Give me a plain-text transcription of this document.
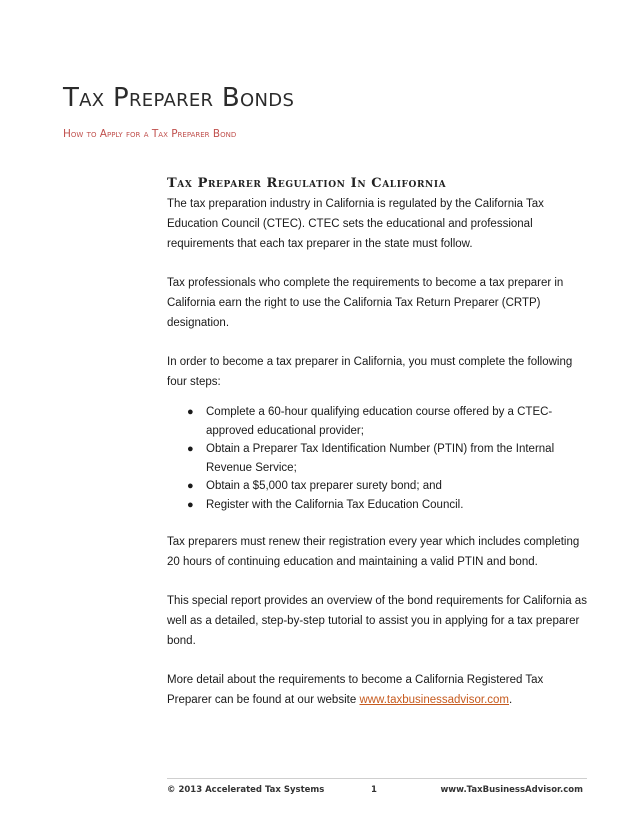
Tax Preparer Bonds
How to Apply for a Tax Preparer Bond
Tax Preparer Regulation In California

The tax preparation industry in California is regulated by the California Tax Education Council (CTEC). CTEC sets the educational and professional requirements that each tax preparer in the state must follow.

Tax professionals who complete the requirements to become a tax preparer in California earn the right to use the California Tax Return Preparer (CRTP) designation.

In order to become a tax preparer in California, you must complete the following four steps:

● Complete a 60-hour qualifying education course offered by a CTEC-approved educational provider;
● Obtain a Preparer Tax Identification Number (PTIN) from the Internal Revenue Service;
● Obtain a $5,000 tax preparer surety bond; and
● Register with the California Tax Education Council.

Tax preparers must renew their registration every year which includes completing 20 hours of continuing education and maintaining a valid PTIN and bond.

This special report provides an overview of the bond requirements for California as well as a detailed, step-by-step tutorial to assist you in applying for a tax preparer bond.

More detail about the requirements to become a California Registered Tax Preparer can be found at our website www.taxbusinessadvisor.com.

© 2013 Accelerated Tax Systems	1	www.TaxBusinessAdvisor.com
